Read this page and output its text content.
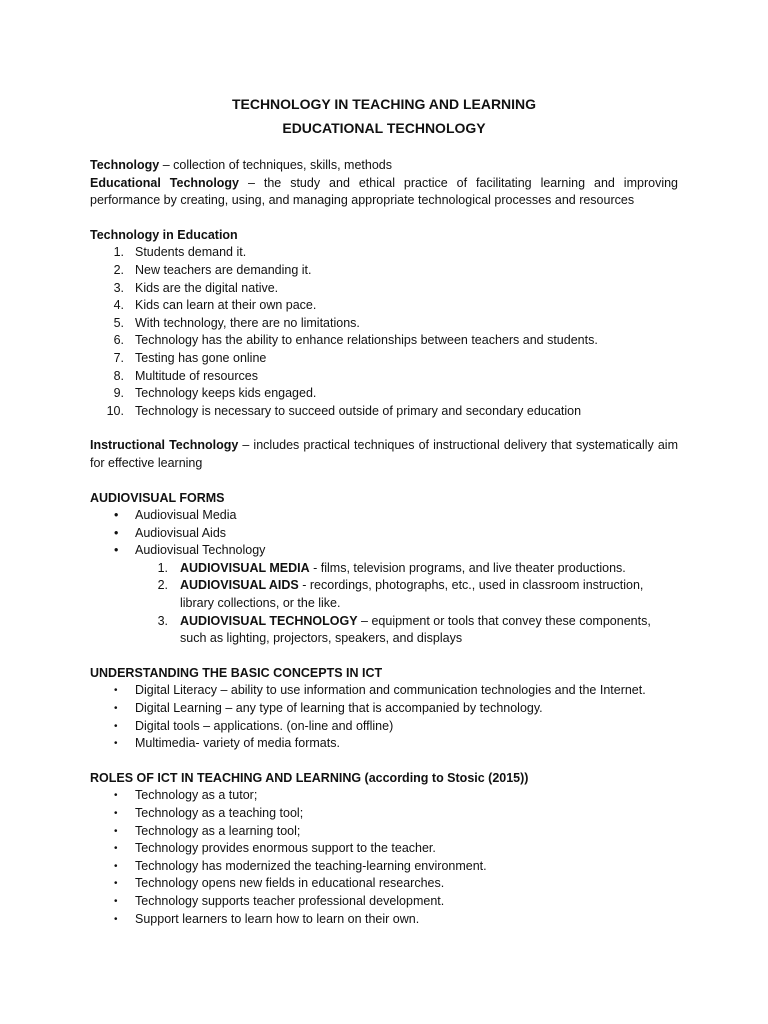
TECHNOLOGY IN TEACHING AND LEARNING
EDUCATIONAL TECHNOLOGY

Technology – collection of techniques, skills, methods

Educational Technology – the study and ethical practice of facilitating learning and improving performance by creating, using, and managing appropriate technological processes and resources

Technology in Education

1. Students demand it.
2. New teachers are demanding it.
3. Kids are the digital native.
4. Kids can learn at their own pace.
5. With technology, there are no limitations.
6. Technology has the ability to enhance relationships between teachers and students.
7. Testing has gone online
8. Multitude of resources
9. Technology keeps kids engaged.
10. Technology is necessary to succeed outside of primary and secondary education

Instructional Technology – includes practical techniques of instructional delivery that systematically aim for effective learning

AUDIOVISUAL FORMS

• Audiovisual Media
• Audiovisual Aids
• Audiovisual Technology
1. AUDIOVISUAL MEDIA - films, television programs, and live theater productions.
2. AUDIOVISUAL AIDS - recordings, photographs, etc., used in classroom instruction, library collections, or the like.
3. AUDIOVISUAL TECHNOLOGY – equipment or tools that convey these components, such as lighting, projectors, speakers, and displays

UNDERSTANDING THE BASIC CONCEPTS IN ICT

• Digital Literacy – ability to use information and communication technologies and the Internet.
• Digital Learning – any type of learning that is accompanied by technology.
• Digital tools – applications. (on-line and offline)
• Multimedia- variety of media formats.

ROLES OF ICT IN TEACHING AND LEARNING (according to Stosic (2015))

• Technology as a tutor;
• Technology as a teaching tool;
• Technology as a learning tool;
• Technology provides enormous support to the teacher.
• Technology has modernized the teaching-learning environment.
• Technology opens new fields in educational researches.
• Technology supports teacher professional development.
• Support learners to learn how to learn on their own.
